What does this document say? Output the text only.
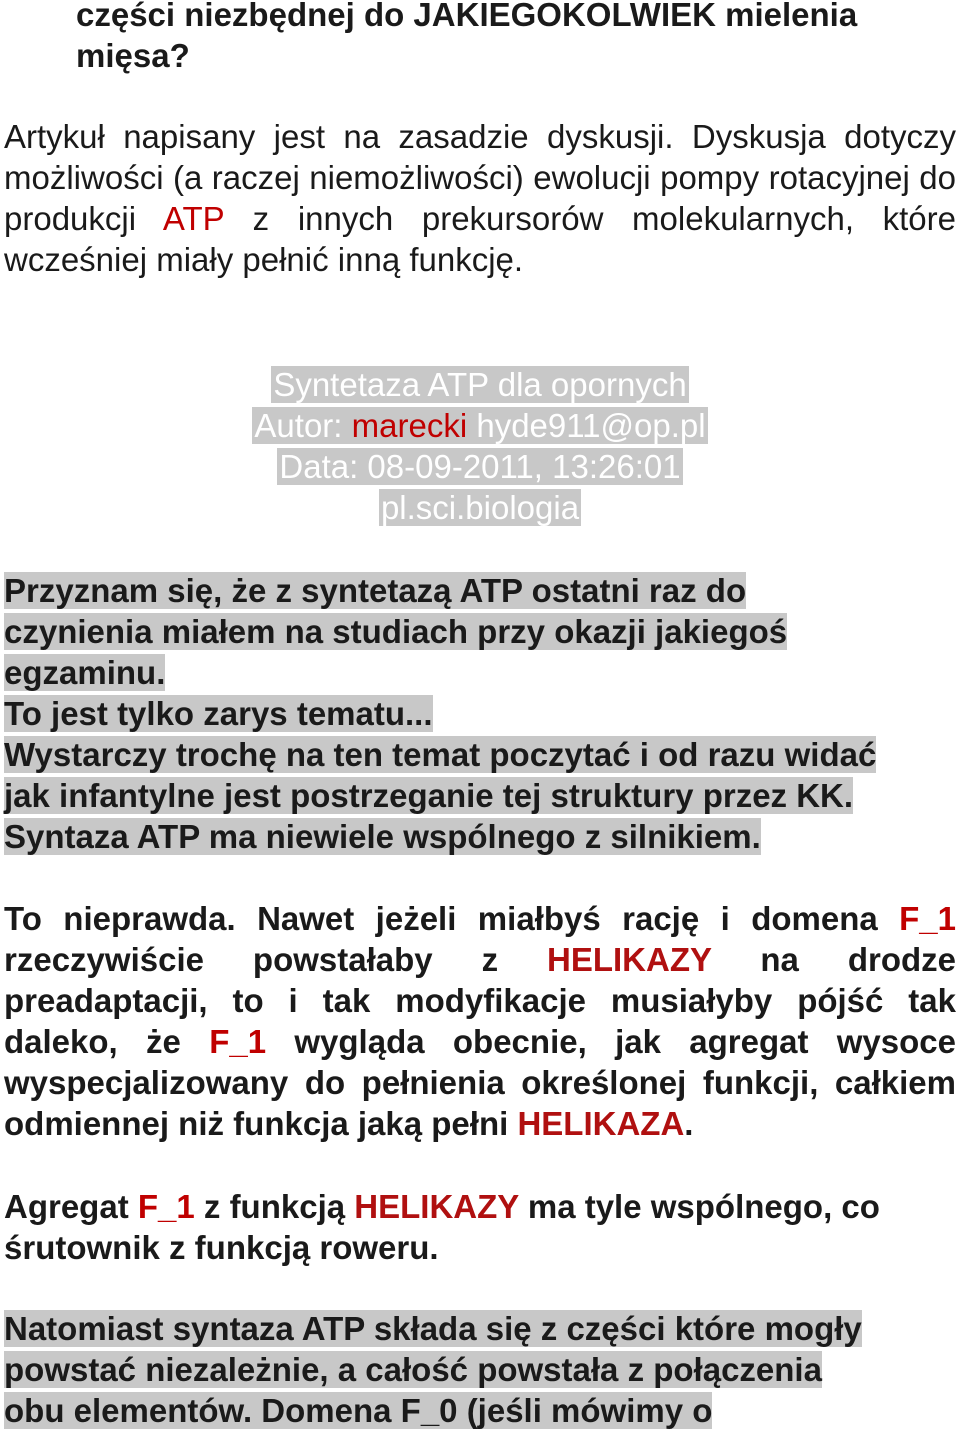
części niezbędnej do JAKIEGOKOLWIEK mielenia
mięsa?

Artykuł napisany jest na zasadzie dyskusji. Dyskusja dotyczy możliwości (a raczej niemożliwości) ewolucji pompy rotacyjnej do produkcji ATP z innych prekursorów molekularnych, które wcześniej miały pełnić inną funkcję.

Syntetaza ATP dla opornych
Autor: marecki hyde911@op.pl
Data: 08-09-2011, 13:26:01
pl.sci.biologia
Przyznam się, że z syntetazą ATP ostatni raz do
czynienia miałem na studiach przy okazji jakiegoś
egzaminu.
To jest tylko zarys tematu...
Wystarczy trochę na ten temat poczytać i od razu widać
jak infantylne jest postrzeganie tej struktury przez KK.
Syntaza ATP ma niewiele wspólnego z silnikiem.

To nieprawda. Nawet jeżeli miałbyś rację i domena F_1 rzeczywiście powstałaby z HELIKAZY na drodze preadaptacji, to i tak modyfikacje musiałyby pójść tak daleko, że F_1 wygląda obecnie, jak agregat wysoce wyspecjalizowany do pełnienia określonej funkcji, całkiem odmiennej niż funkcja jaką pełni HELIKAZA.

Agregat F_1 z funkcją HELIKAZY ma tyle wspólnego, co śrutownik z funkcją roweru.

Natomiast syntaza ATP składa się z części które mogły
powstać niezależnie, a całość powstała z połączenia
obu elementów. Domena F_0 (jeśli mówimy o
